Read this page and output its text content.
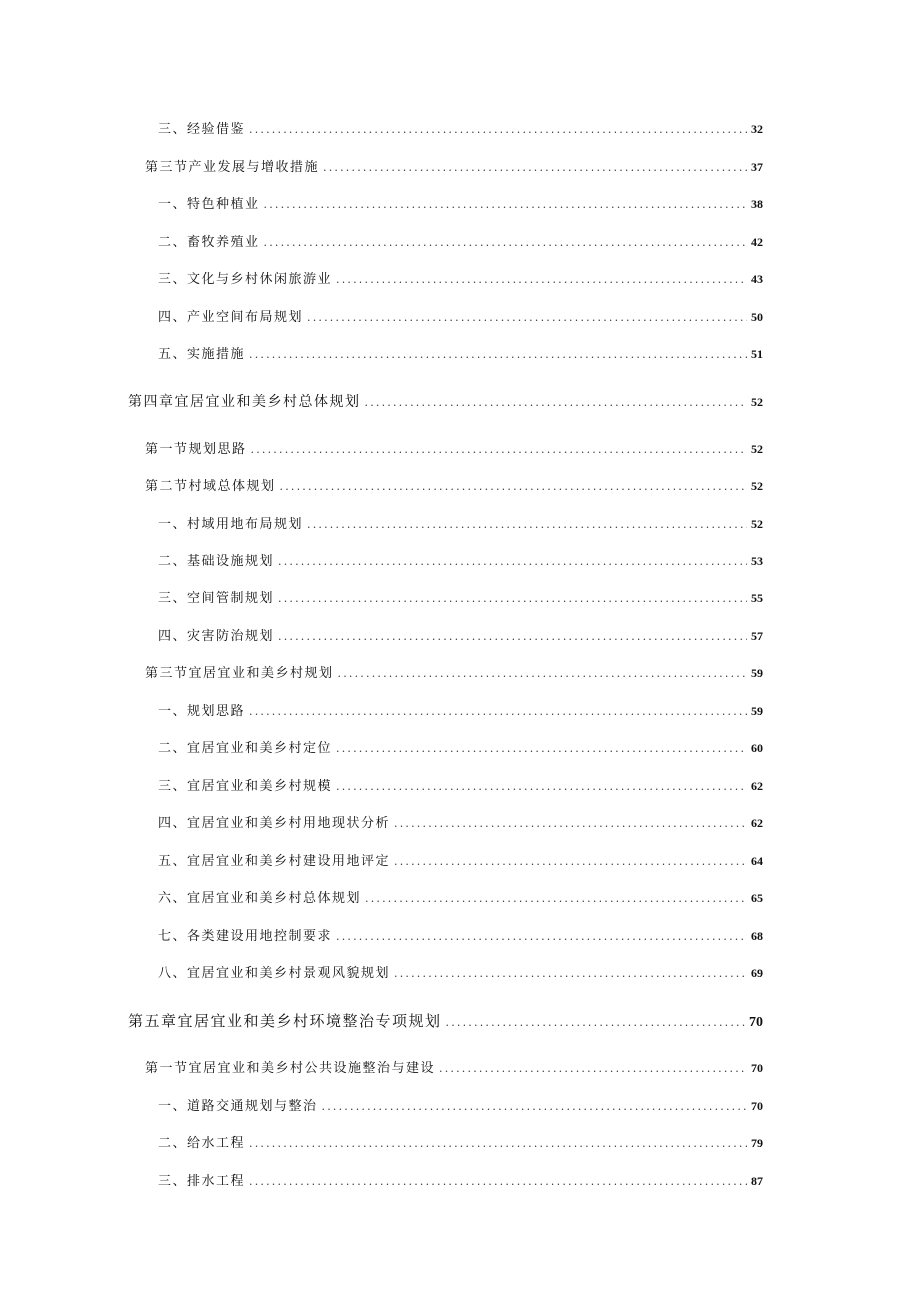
三、经验借鉴 .....	32
第三节产业发展与增收措施 .....	37
一、特色种植业 .....	38
二、畜牧养殖业 .....	42
三、文化与乡村休闲旅游业 .....	43
四、产业空间布局规划 .....	50
五、实施措施 .....	51
第四章宜居宜业和美乡村总体规划 .....	52
第一节规划思路 .....	52
第二节村域总体规划 .....	52
一、村域用地布局规划 .....	52
二、基础设施规划 .....	53
三、空间管制规划 .....	55
四、灾害防治规划 .....	57
第三节宜居宜业和美乡村规划 .....	59
一、规划思路 .....	59
二、宜居宜业和美乡村定位 .....	60
三、宜居宜业和美乡村规模 .....	62
四、宜居宜业和美乡村用地现状分析 .....	62
五、宜居宜业和美乡村建设用地评定 .....	64
六、宜居宜业和美乡村总体规划 .....	65
七、各类建设用地控制要求 .....	68
八、宜居宜业和美乡村景观风貌规划 .....	69
第五章宜居宜业和美乡村环境整治专项规划 .....	70
第一节宜居宜业和美乡村公共设施整治与建设 .....	70
一、道路交通规划与整治 .....	70
二、给水工程 .....	79
三、排水工程 .....	87
